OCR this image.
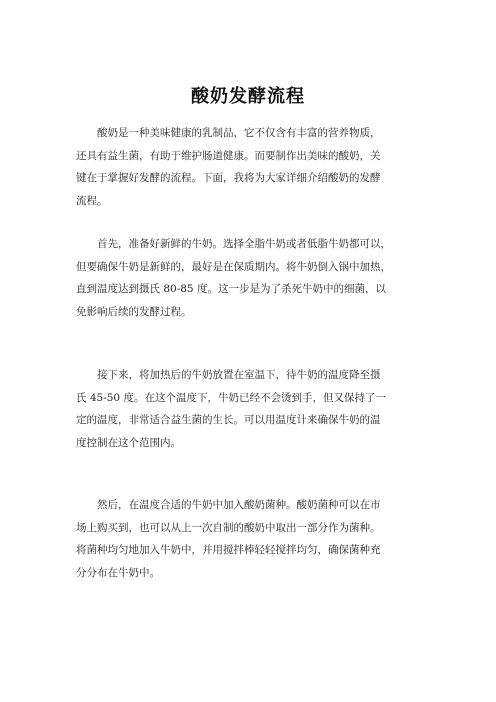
酸奶发酵流程
酸奶是一种美味健康的乳制品，它不仅含有丰富的营养物质，
还具有益生菌，有助于维护肠道健康。而要制作出美味的酸奶，关
键在于掌握好发酵的流程。下面，我将为大家详细介绍酸奶的发酵
流程。
首先，准备好新鲜的牛奶。选择全脂牛奶或者低脂牛奶都可以，
但要确保牛奶是新鲜的，最好是在保质期内。将牛奶倒入锅中加热，
直到温度达到摄氏 80-85 度。这一步是为了杀死牛奶中的细菌，以
免影响后续的发酵过程。
接下来，将加热后的牛奶放置在室温下，待牛奶的温度降至摄
氏 45-50 度。在这个温度下，牛奶已经不会烫到手，但又保持了一
定的温度，非常适合益生菌的生长。可以用温度计来确保牛奶的温
度控制在这个范围内。
然后，在温度合适的牛奶中加入酸奶菌种。酸奶菌种可以在市
场上购买到，也可以从上一次自制的酸奶中取出一部分作为菌种。
将菌种均匀地加入牛奶中，并用搅拌棒轻轻搅拌均匀，确保菌种充
分分布在牛奶中。
